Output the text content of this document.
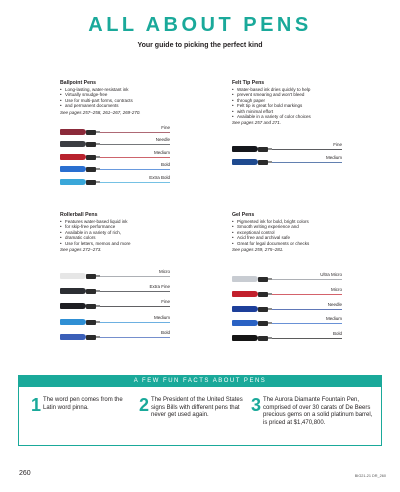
ALL ABOUT PENS
Your guide to picking the perfect kind
Ballpoint Pens
• Long-lasting, water-resistant ink
• Virtually smudge-free
• Use for multi-part forms, contracts
• and permanent documents
See pages 257–258, 261–267, 269-270.
Fine
Needle
Medium
Bold
Extra Bold
Felt Tip Pens
• Water-based ink dries quickly to help
• prevent smearing and won't bleed
• through paper
• Felt tip is great for bold markings
• with minimal effort
• Available in a variety of color choices
See pages 257 and 271.
Fine
Medium
Rollerball Pens
• Features water-based liquid ink
• for skip-free performance
• Available in a variety of rich,
• dramatic colors
• Use for letters, memos and more
See pages 272–273.
Micro
Extra Fine
Fine
Medium
Bold
Gel Pens
• Pigmented ink for bold, bright colors
• Smooth writing experience and
• exceptional control
• Acid free and archival safe
• Great for legal documents or checks
See pages 259, 275–281.
Ultra Micro
Micro
Needle
Medium
Bold
A FEW FUN FACTS ABOUT PENS
1 The word pen comes from the Latin word pinna.	2 The President of the United States signs Bills with different pens that never get used again.	3 The Aurora Diamante Fountain Pen, comprised of over 30 carats of De Beers precious gems on a solid platinum barrel, is priced at $1,470,800.
260	BIG21-21 DR_260
